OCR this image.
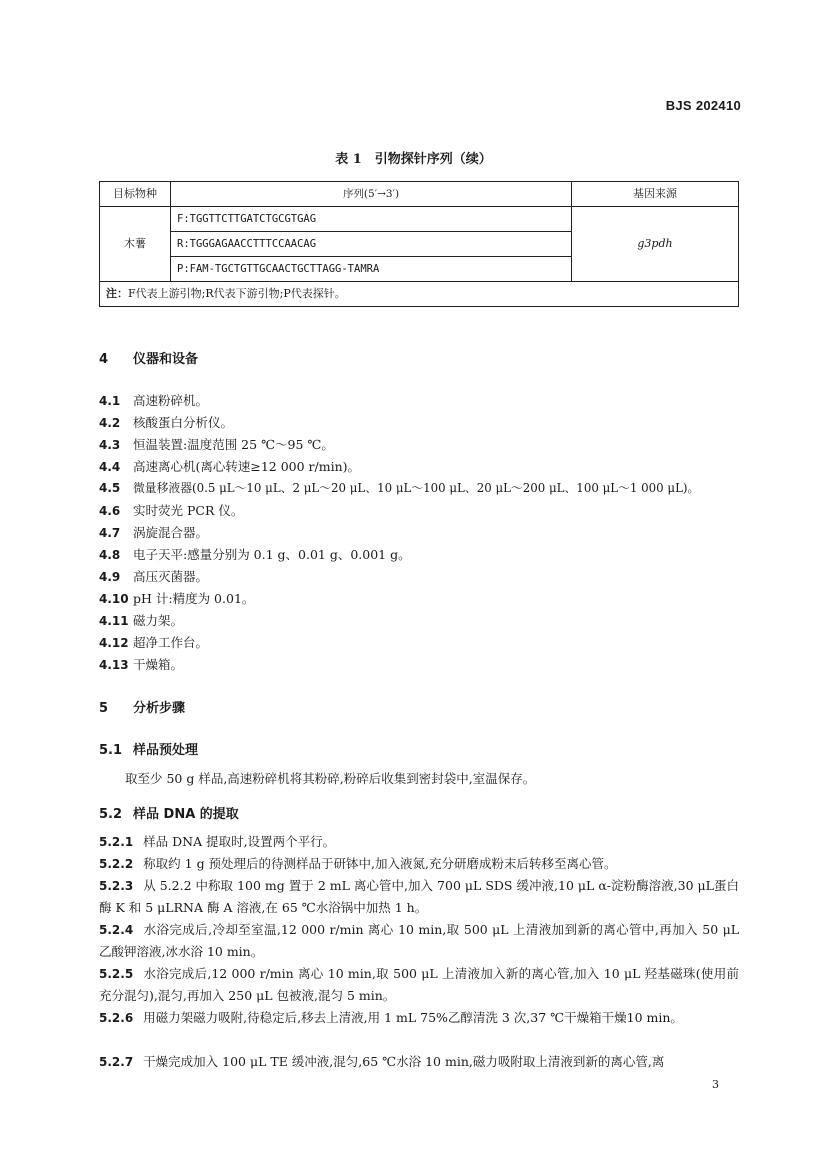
BJS 202410
表 1　引物探针序列（续）
目标物种	序列(5′→3′)	基因来源
木薯	F:TGGTTCTTGATCTGCGTGAG	g3pdh
	R:TGGGAGAACCTTTCCAACAG	
	P:FAM-TGCTGTTGCAACTGCTTAGG-TAMRA	
注：F代表上游引物;R代表下游引物;P代表探针。		
4 仪器和设备
4.1 高速粉碎机。
4.2 核酸蛋白分析仪。
4.3 恒温装置:温度范围 25 ℃～95 ℃。
4.4 高速离心机(离心转速≥12 000 r/min)。
4.5 微量移液器(0.5 μL～10 μL、2 μL～20 μL、10 μL～100 μL、20 μL～200 μL、100 μL～1 000 μL)。
4.6 实时荧光 PCR 仪。
4.7 涡旋混合器。
4.8 电子天平:感量分别为 0.1 g、0.01 g、0.001 g。
4.9 高压灭菌器。
4.10 pH 计:精度为 0.01。
4.11 磁力架。
4.12 超净工作台。
4.13 干燥箱。
5 分析步骤
5.1 样品预处理
取至少 50 g 样品,高速粉碎机将其粉碎,粉碎后收集到密封袋中,室温保存。
5.2 样品 DNA 的提取
5.2.1 样品 DNA 提取时,设置两个平行。
5.2.2 称取约 1 g 预处理后的待测样品于研钵中,加入液氮,充分研磨成粉末后转移至离心管。
5.2.3 从 5.2.2 中称取 100 mg 置于 2 mL 离心管中,加入 700 μL SDS 缓冲液,10 μL α-淀粉酶溶液,30 μL蛋白酶 K 和 5 μLRNA 酶 A 溶液,在 65 ℃水浴锅中加热 1 h。
5.2.4 水浴完成后,冷却至室温,12 000 r/min 离心 10 min,取 500 μL 上清液加到新的离心管中,再加入 50 μL 乙酸钾溶液,冰水浴 10 min。
5.2.5 水浴完成后,12 000 r/min 离心 10 min,取 500 μL 上清液加入新的离心管,加入 10 μL 羟基磁珠(使用前充分混匀),混匀,再加入 250 μL 包被液,混匀 5 min。
5.2.6 用磁力架磁力吸附,待稳定后,移去上清液,用 1 mL 75%乙醇清洗 3 次,37 ℃干燥箱干燥10 min。
5.2.7 干燥完成加入 100 μL TE 缓冲液,混匀,65 ℃水浴 10 min,磁力吸附取上清液到新的离心管,离
3
